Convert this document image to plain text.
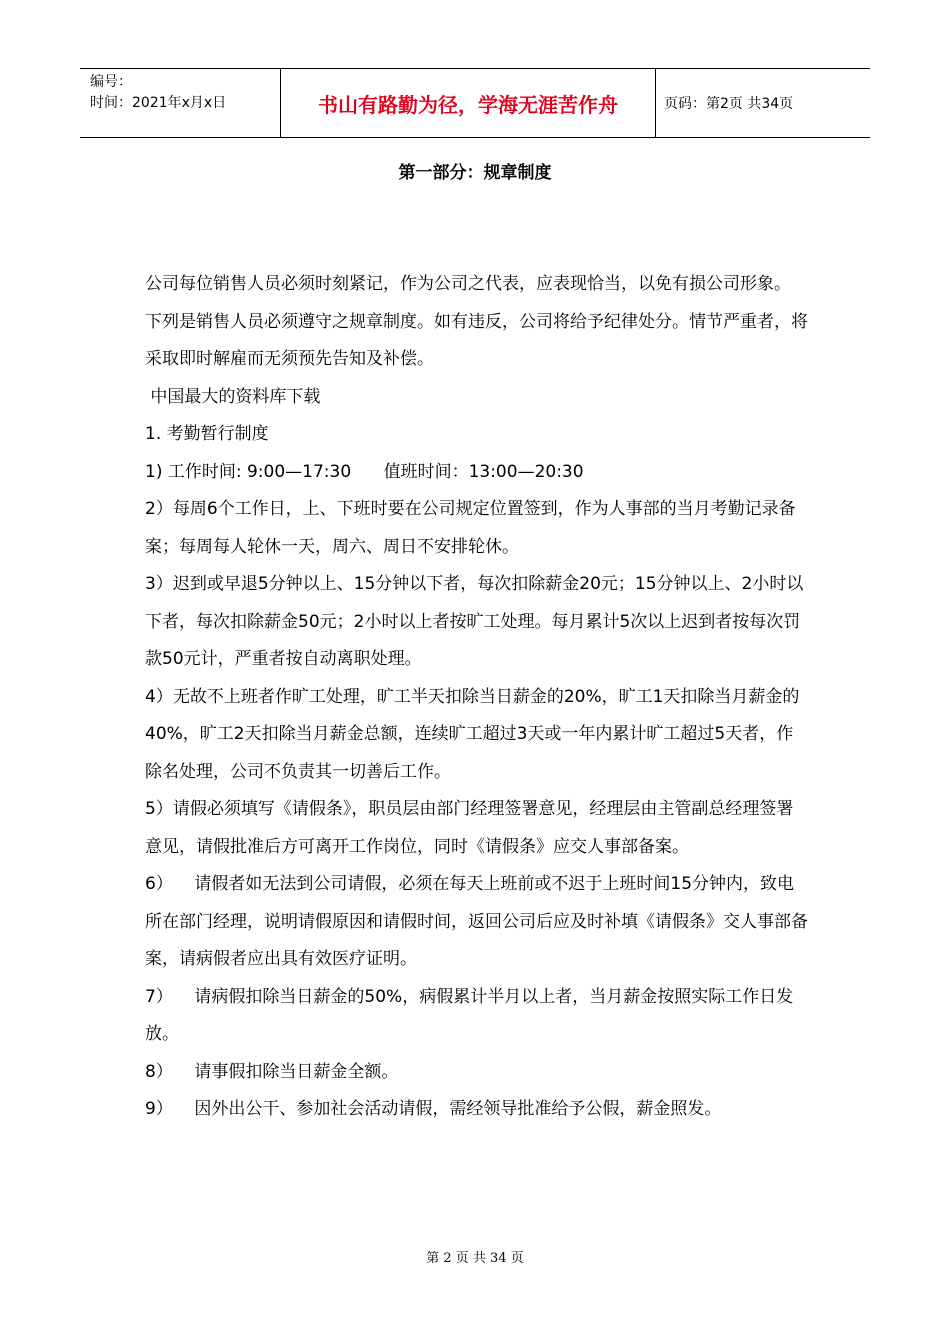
编号：
时间：2021年x月x日	书山有路勤为径，学海无涯苦作舟	页码：第2页 共34页
第一部分：规章制度

公司每位销售人员必须时刻紧记，作为公司之代表，应表现恰当，以免有损公司形象。

下列是销售人员必须遵守之规章制度。如有违反，公司将给予纪律处分。情节严重者，将采取即时解雇而无须预先告知及补偿。

中国最大的资料库下载

1. 考勤暂行制度

1) 工作时间: 9:00—17:30      值班时间：13:00—20:30

2）每周6个工作日，上、下班时要在公司规定位置签到，作为人事部的当月考勤记录备案；每周每人轮休一天，周六、周日不安排轮休。

3）迟到或早退5分钟以上、15分钟以下者，每次扣除薪金20元；15分钟以上、2小时以下者，每次扣除薪金50元；2小时以上者按旷工处理。每月累计5次以上迟到者按每次罚款50元计，严重者按自动离职处理。

4）无故不上班者作旷工处理，旷工半天扣除当日薪金的20%，旷工1天扣除当月薪金的40%，旷工2天扣除当月薪金总额，连续旷工超过3天或一年内累计旷工超过5天者，作除名处理，公司不负责其一切善后工作。

5）请假必须填写《请假条》，职员层由部门经理签署意见，经理层由主管副总经理签署意见，请假批准后方可离开工作岗位，同时《请假条》应交人事部备案。

6）    请假者如无法到公司请假，必须在每天上班前或不迟于上班时间15分钟内，致电所在部门经理，说明请假原因和请假时间，返回公司后应及时补填《请假条》交人事部备案，请病假者应出具有效医疗证明。

7）    请病假扣除当日薪金的50%，病假累计半月以上者，当月薪金按照实际工作日发放。

8）    请事假扣除当日薪金全额。

9）    因外出公干、参加社会活动请假，需经领导批准给予公假，薪金照发。

第 2 页 共 34 页
